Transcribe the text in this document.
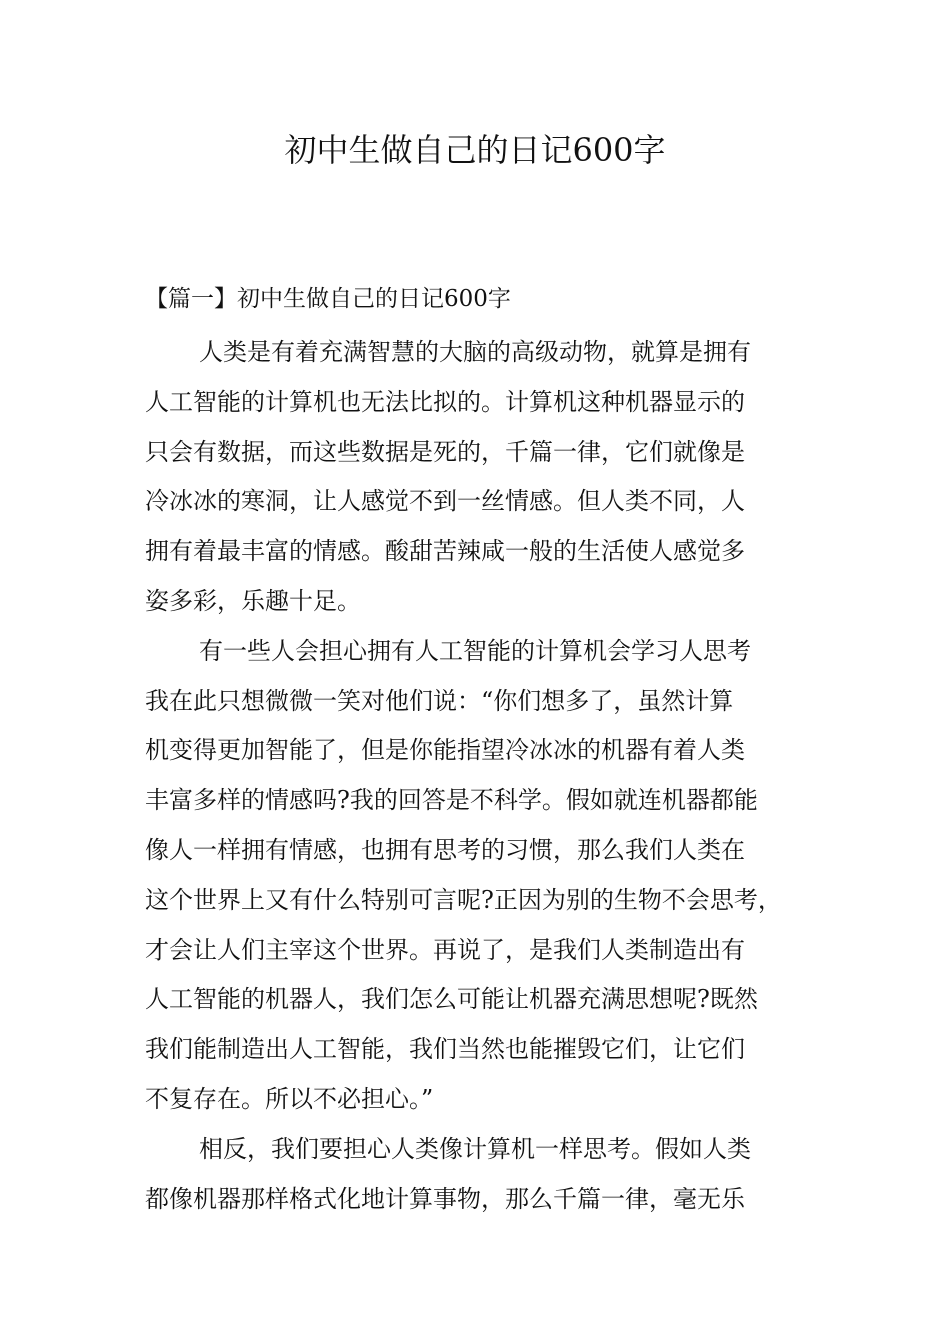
初中生做自己的日记600字

【篇一】初中生做自己的日记600字

人类是有着充满智慧的大脑的高级动物，就算是拥有
人工智能的计算机也无法比拟的。计算机这种机器显示的
只会有数据，而这些数据是死的，千篇一律，它们就像是
冷冰冰的寒洞，让人感觉不到一丝情感。但人类不同，人
拥有着最丰富的情感。酸甜苦辣咸一般的生活使人感觉多
姿多彩，乐趣十足。
有一些人会担心拥有人工智能的计算机会学习人思考
我在此只想微微一笑对他们说：“你们想多了，虽然计算
机变得更加智能了，但是你能指望冷冰冰的机器有着人类
丰富多样的情感吗?我的回答是不科学。假如就连机器都能
像人一样拥有情感，也拥有思考的习惯，那么我们人类在
这个世界上又有什么特别可言呢?正因为别的生物不会思考，
才会让人们主宰这个世界。再说了，是我们人类制造出有
人工智能的机器人，我们怎么可能让机器充满思想呢?既然
我们能制造出人工智能，我们当然也能摧毁它们，让它们
不复存在。所以不必担心。”
相反，我们要担心人类像计算机一样思考。假如人类
都像机器那样格式化地计算事物，那么千篇一律，毫无乐
